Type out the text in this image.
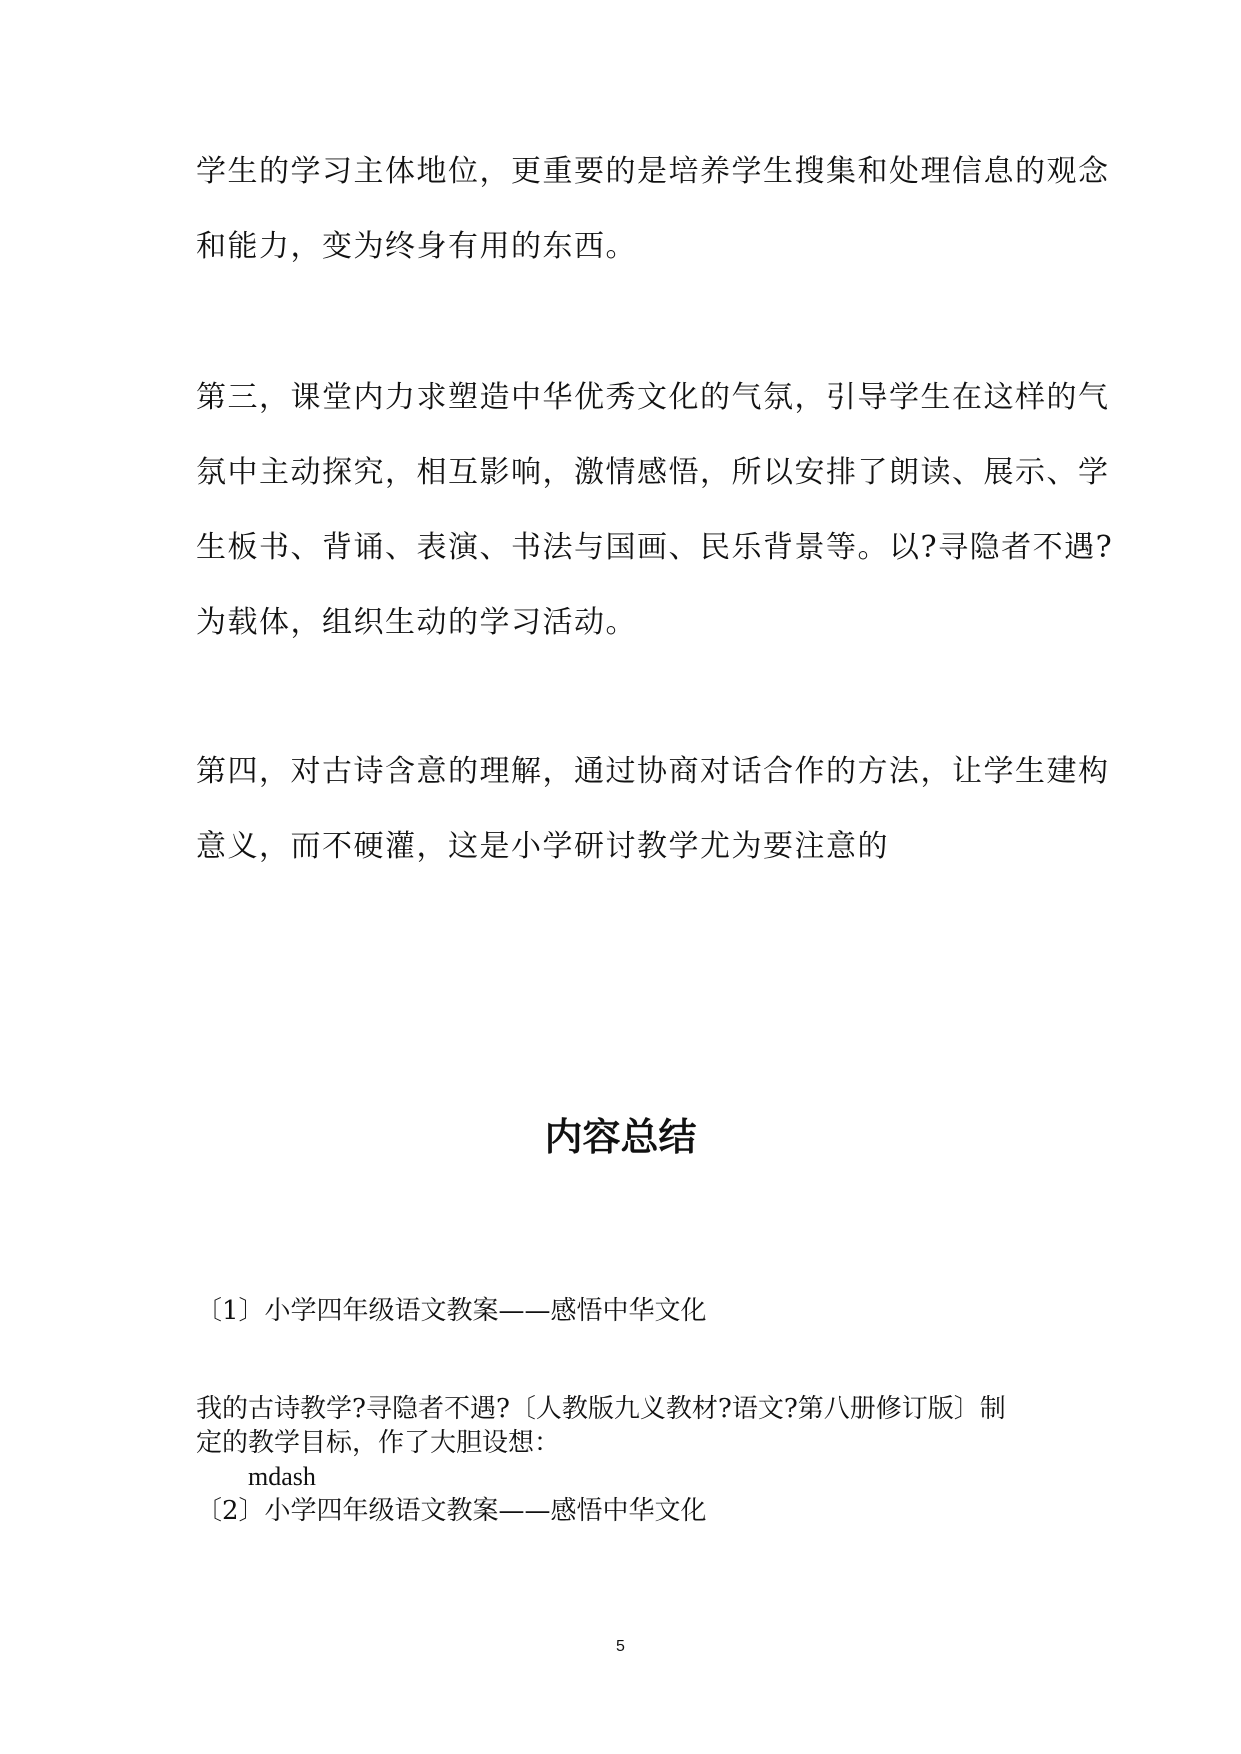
学生的学习主体地位，更重要的是培养学生搜集和处理信息的观念

和能力，变为终身有用的东西。

第三，课堂内力求塑造中华优秀文化的气氛，引导学生在这样的气

氛中主动探究，相互影响，激情感悟，所以安排了朗读、展示、学

生板书、背诵、表演、书法与国画、民乐背景等。以?寻隐者不遇?

为载体，组织生动的学习活动。

第四，对古诗含意的理解，通过协商对话合作的方法，让学生建构

意义，而不硬灌，这是小学研讨教学尤为要注意的

内容总结

〔1〕小学四年级语文教案——感悟中华文化

我的古诗教学?寻隐者不遇?〔人教版九义教材?语文?第八册修订版〕制

定的教学目标，作了大胆设想：

mdash

〔2〕小学四年级语文教案——感悟中华文化

5
